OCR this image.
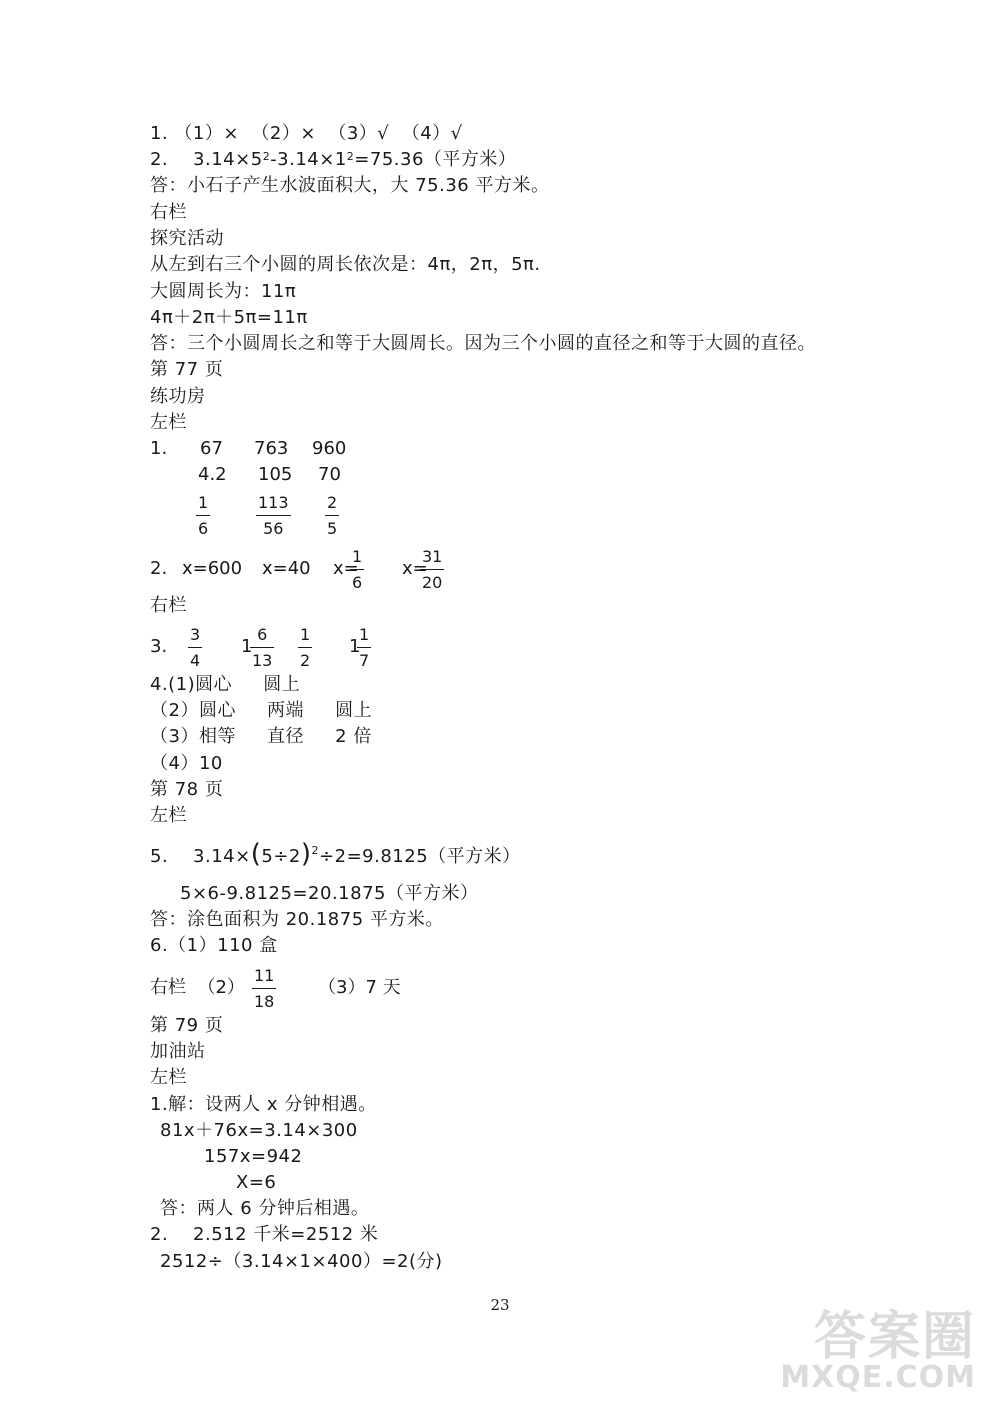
1. （1）×  （2）×  （3）√  （4）√
2.    $3.14\times 5^2-3.14\times 1^2=75.36$（平方米）
答：小石子产生水波面积大，大 75.36 平方米。
右栏
探究活动
从左到右三个小圆的周长依次是：4π，2π，5π.
大圆周长为：11π
4π＋2π＋5π=11π
答：三个小圆周长之和等于大圆周长。因为三个小圆的直径之和等于大圆的直径。
第 77 页
练功房
左栏
1. 67 763 960
4.2 105 70
1
6
113
56
2
5
2. x=600 x=40 x=
1
6
x=
31
20
右栏
3.
3
4
1
6
13
1
2
1
1
7
4.(1)圆心     圆上
（2）圆心     两端     圆上
（3）相等     直径     2 倍
（4）10
第 78 页
左栏
5.    $3.14\times(5\div 2)^2\div 2=9.8125$（平方米）
5×6-9.8125=20.1875（平方米）
答：涂色面积为 20.1875 平方米。
6.（1）110 盒
右栏  （2）
11
18
（3）7 天
第 79 页
加油站
左栏
1.解：设两人 x 分钟相遇。
81x＋76x=3.14×300
157x=942
X=6
答：两人 6 分钟后相遇。
2.    2.512 千米=2512 米
2512÷（3.14×1×400）=2(分)
23
答案圈
MXQE.COM
